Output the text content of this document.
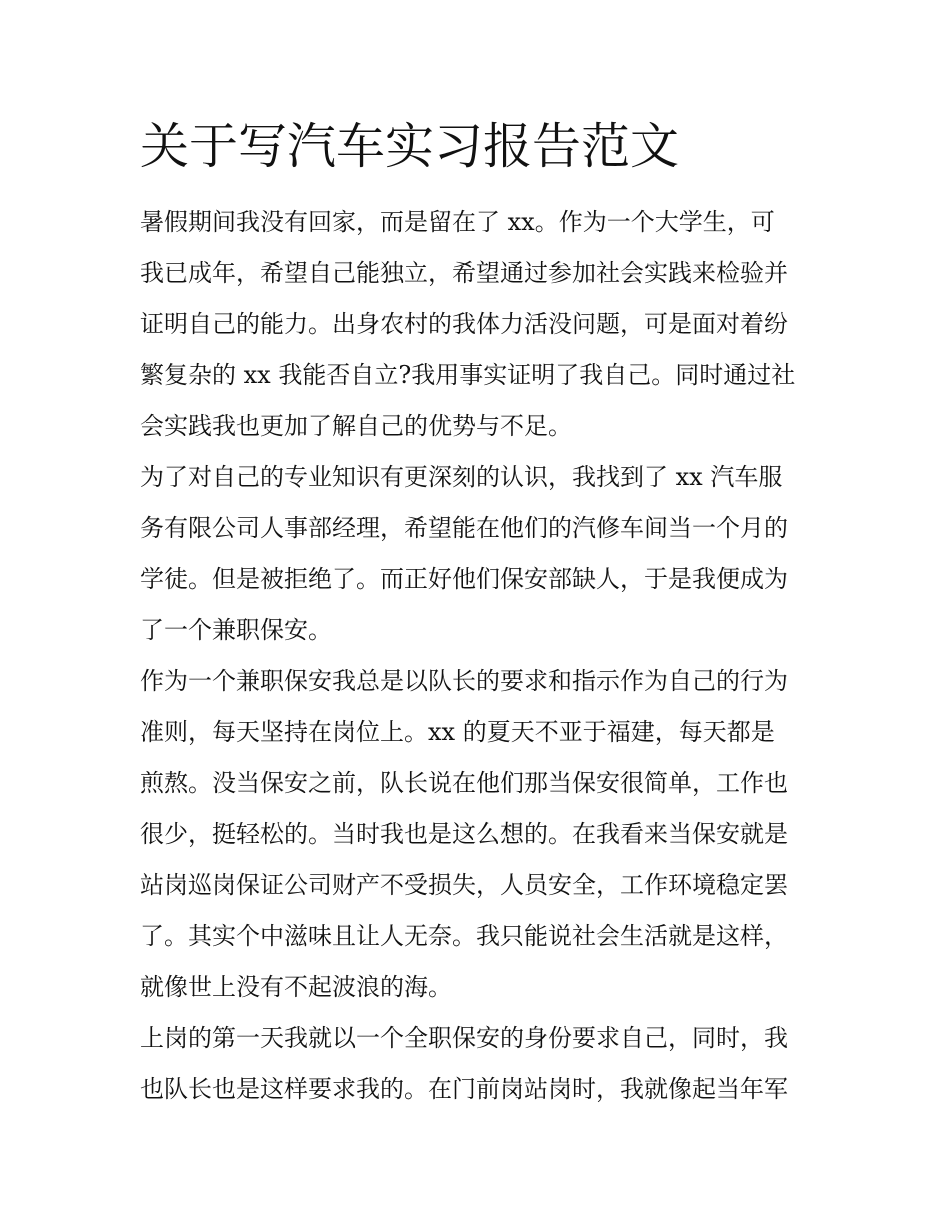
关于写汽车实习报告范文
暑假期间我没有回家，而是留在了 xx。作为一个大学生，可
我已成年，希望自己能独立，希望通过参加社会实践来检验并
证明自己的能力。出身农村的我体力活没问题，可是面对着纷
繁复杂的 xx 我能否自立?我用事实证明了我自己。同时通过社
会实践我也更加了解自己的优势与不足。
为了对自己的专业知识有更深刻的认识，我找到了 xx 汽车服
务有限公司人事部经理，希望能在他们的汽修车间当一个月的
学徒。但是被拒绝了。而正好他们保安部缺人，于是我便成为
了一个兼职保安。
作为一个兼职保安我总是以队长的要求和指示作为自己的行为
准则，每天坚持在岗位上。xx 的夏天不亚于福建，每天都是
煎熬。没当保安之前，队长说在他们那当保安很简单，工作也
很少，挺轻松的。当时我也是这么想的。在我看来当保安就是
站岗巡岗保证公司财产不受损失，人员安全，工作环境稳定罢
了。其实个中滋味且让人无奈。我只能说社会生活就是这样，
就像世上没有不起波浪的海。
上岗的第一天我就以一个全职保安的身份要求自己，同时，我
也队长也是这样要求我的。在门前岗站岗时，我就像起当年军
